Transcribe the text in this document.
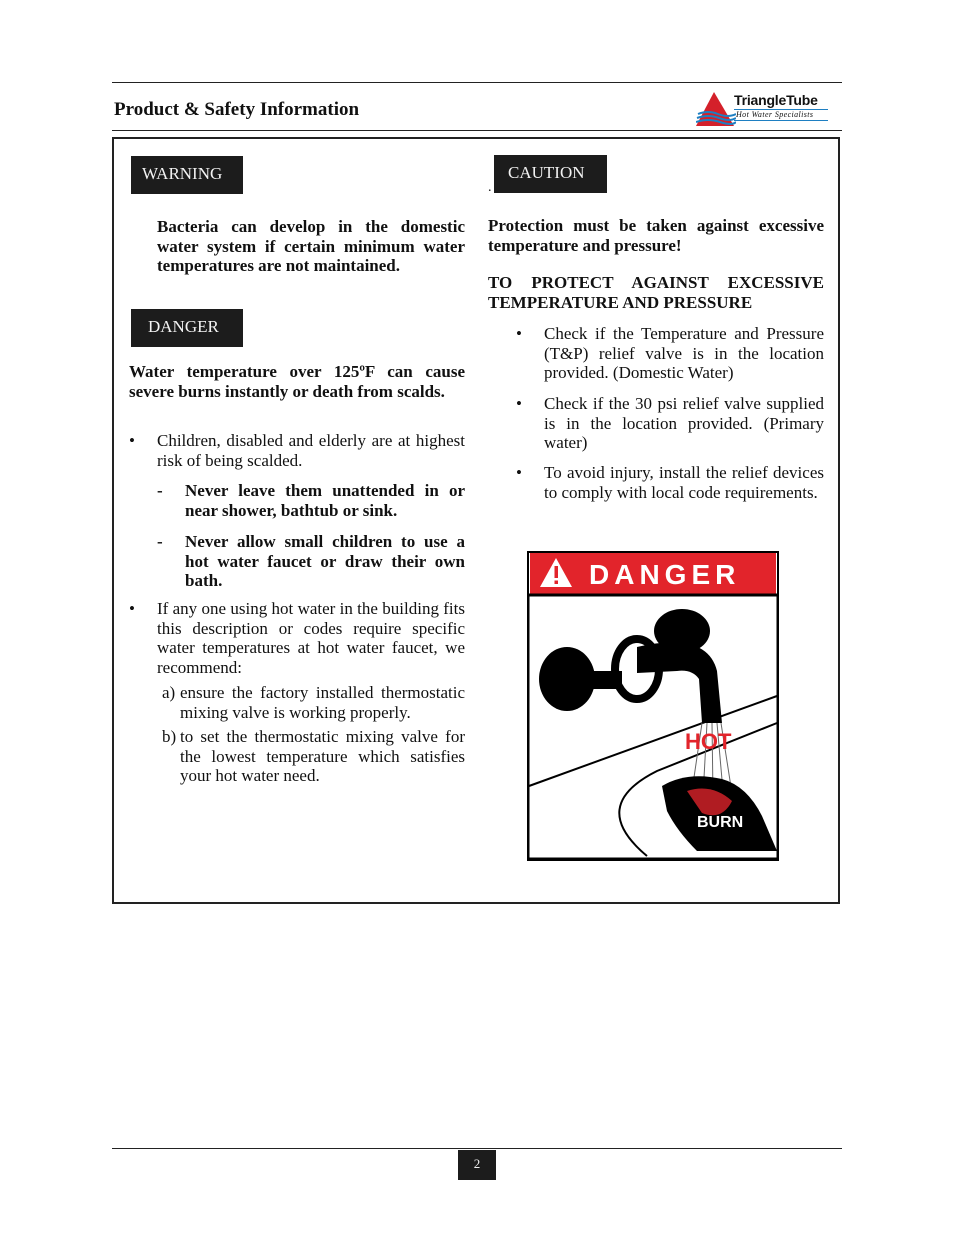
Product & Safety Information	TriangleTube
Hot Water Specialists
WARNING
Bacteria can develop in the domestic water system if certain minimum water temperatures are not maintained.
DANGER
Water temperature over 125ºF can cause severe burns instantly or death from scalds.
• Children, disabled and elderly are at highest risk of being scalded.
- Never leave them unattended in or near shower, bathtub or sink.
- Never allow small children to use a hot water faucet or draw their own bath.
• If any one using hot water in the building fits this description or codes require specific water temperatures at hot water faucet, we recommend:
a) ensure the factory installed thermostatic mixing valve is working properly.
b) to set the thermostatic mixing valve for the lowest temperature which satisfies your hot water need.
CAUTION
.
Protection must be taken against excessive temperature and pressure!
TO PROTECT AGAINST EXCESSIVE TEMPERATURE AND PRESSURE
• Check if the Temperature and Pressure (T&P) relief valve is in the location provided. (Domestic Water)
• Check if the 30 psi relief valve supplied is in the location provided. (Primary water)
• To avoid injury, install the relief devices to comply with local code requirements.
DANGER
HOT
BURN
2
